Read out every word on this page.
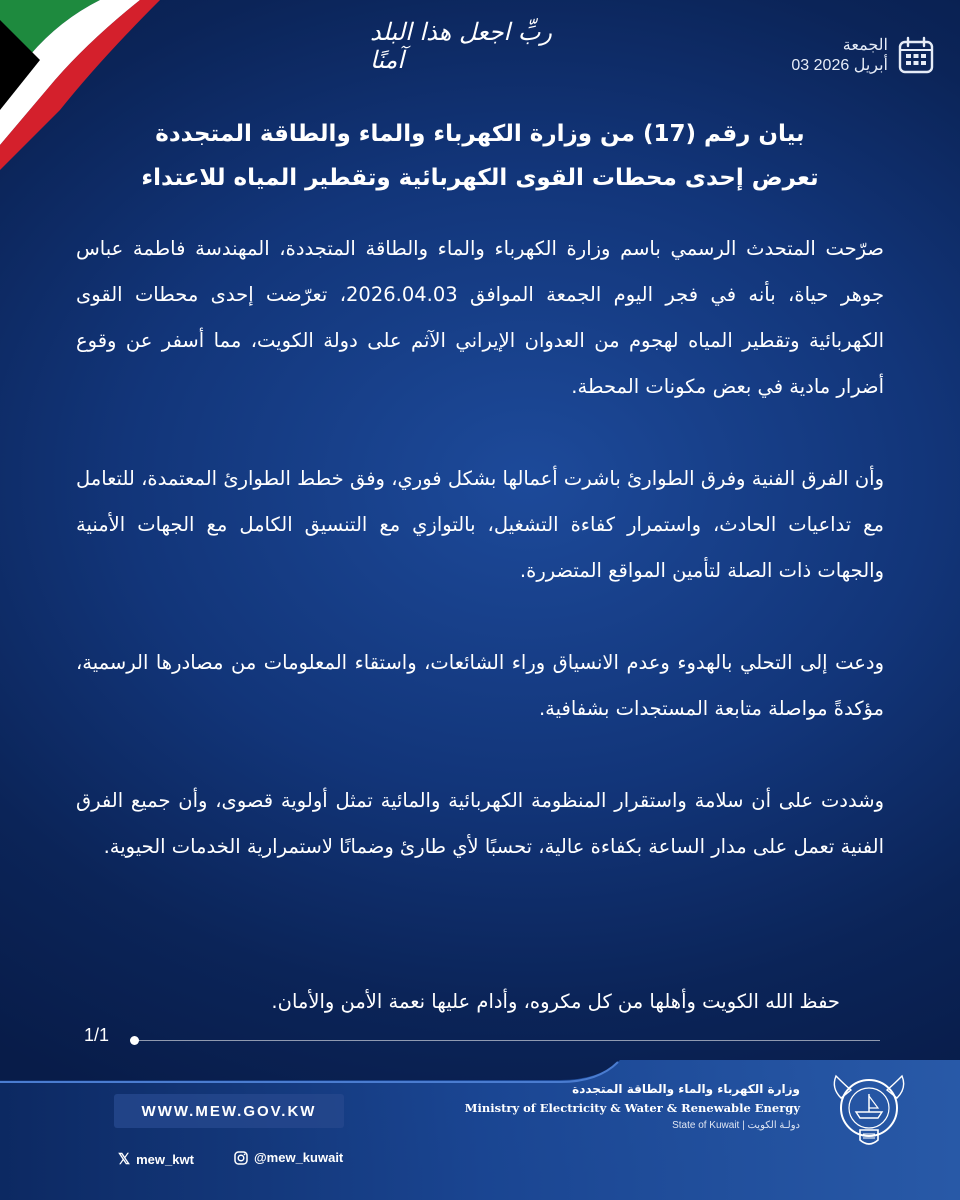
ربِّ اجعل هذا البلد آمنًا
الجمعة
03 أبريل 2026
بيان رقم (17) من وزارة الكهرباء والماء والطاقة المتجددة
تعرض إحدى محطات القوى الكهربائية وتقطير المياه للاعتداء

صرّحت المتحدث الرسمي باسم وزارة الكهرباء والماء والطاقة المتجددة، المهندسة فاطمة عباس جوهر حياة، بأنه في فجر اليوم الجمعة الموافق 2026.04.03، تعرّضت إحدى محطات القوى الكهربائية وتقطير المياه لهجوم من العدوان الإيراني الآثم على دولة الكويت، مما أسفر عن وقوع أضرار مادية في بعض مكونات المحطة.

وأن الفرق الفنية وفرق الطوارئ باشرت أعمالها بشكل فوري، وفق خطط الطوارئ المعتمدة، للتعامل مع تداعيات الحادث، واستمرار كفاءة التشغيل، بالتوازي مع التنسيق الكامل مع الجهات الأمنية والجهات ذات الصلة لتأمين المواقع المتضررة.

ودعت إلى التحلي بالهدوء وعدم الانسياق وراء الشائعات، واستقاء المعلومات من مصادرها الرسمية، مؤكدةً مواصلة متابعة المستجدات بشفافية.

وشددت على أن سلامة واستقرار المنظومة الكهربائية والمائية تمثل أولوية قصوى، وأن جميع الفرق الفنية تعمل على مدار الساعة بكفاءة عالية، تحسبًا لأي طارئ وضمانًا لاستمرارية الخدمات الحيوية.

حفظ الله الكويت وأهلها من كل مكروه، وأدام عليها نعمة الأمن والأمان.
1/1
WWW.MEW.GOV.KW
𝕏 mew_kwt	@mew_kuwait
وزارة الكهرباء والماء والطاقة المتجددة
Ministry of Electricity & Water & Renewable Energy
State of Kuwait | دولـة الكويت
